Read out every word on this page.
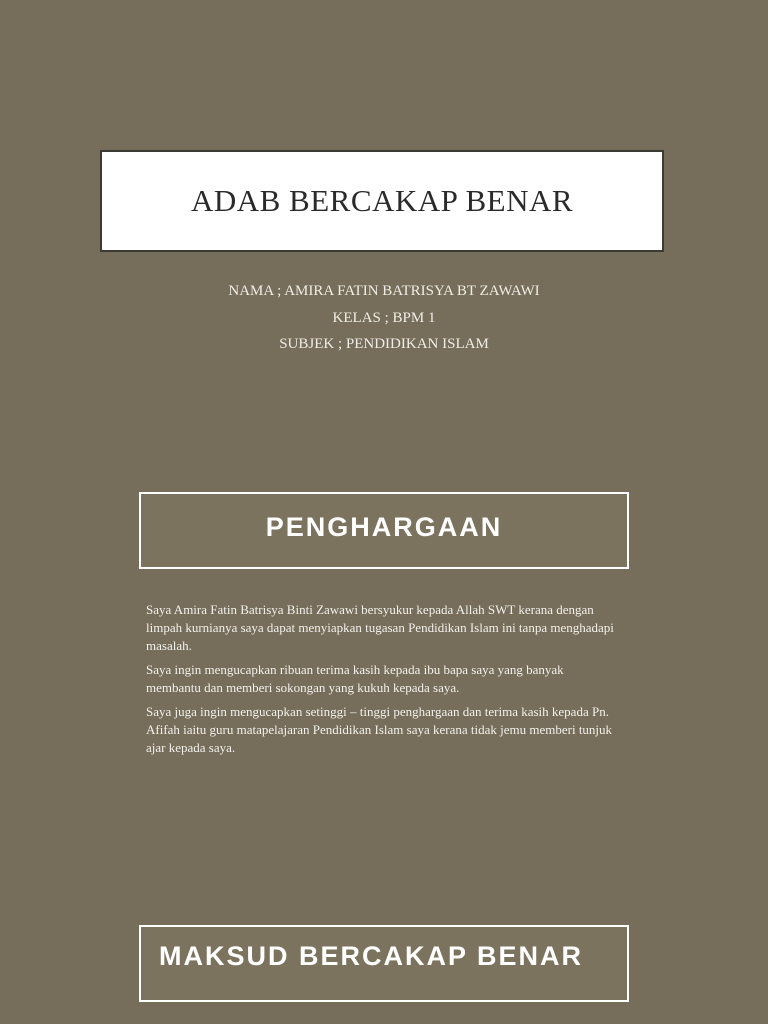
ADAB BERCAKAP BENAR
NAMA ; AMIRA FATIN BATRISYA BT ZAWAWI
KELAS ; BPM 1
SUBJEK ; PENDIDIKAN ISLAM
PENGHARGAAN

Saya Amira Fatin Batrisya Binti Zawawi bersyukur kepada Allah SWT kerana dengan limpah kurnianya saya dapat menyiapkan tugasan Pendidikan Islam ini tanpa menghadapi masalah.

Saya ingin mengucapkan ribuan terima kasih kepada ibu bapa saya yang banyak membantu dan memberi sokongan yang kukuh kepada saya.

Saya juga ingin mengucapkan setinggi – tinggi penghargaan dan terima kasih kepada Pn. Afifah iaitu guru matapelajaran Pendidikan Islam saya kerana tidak jemu memberi tunjuk ajar kepada saya.

MAKSUD BERCAKAP BENAR
